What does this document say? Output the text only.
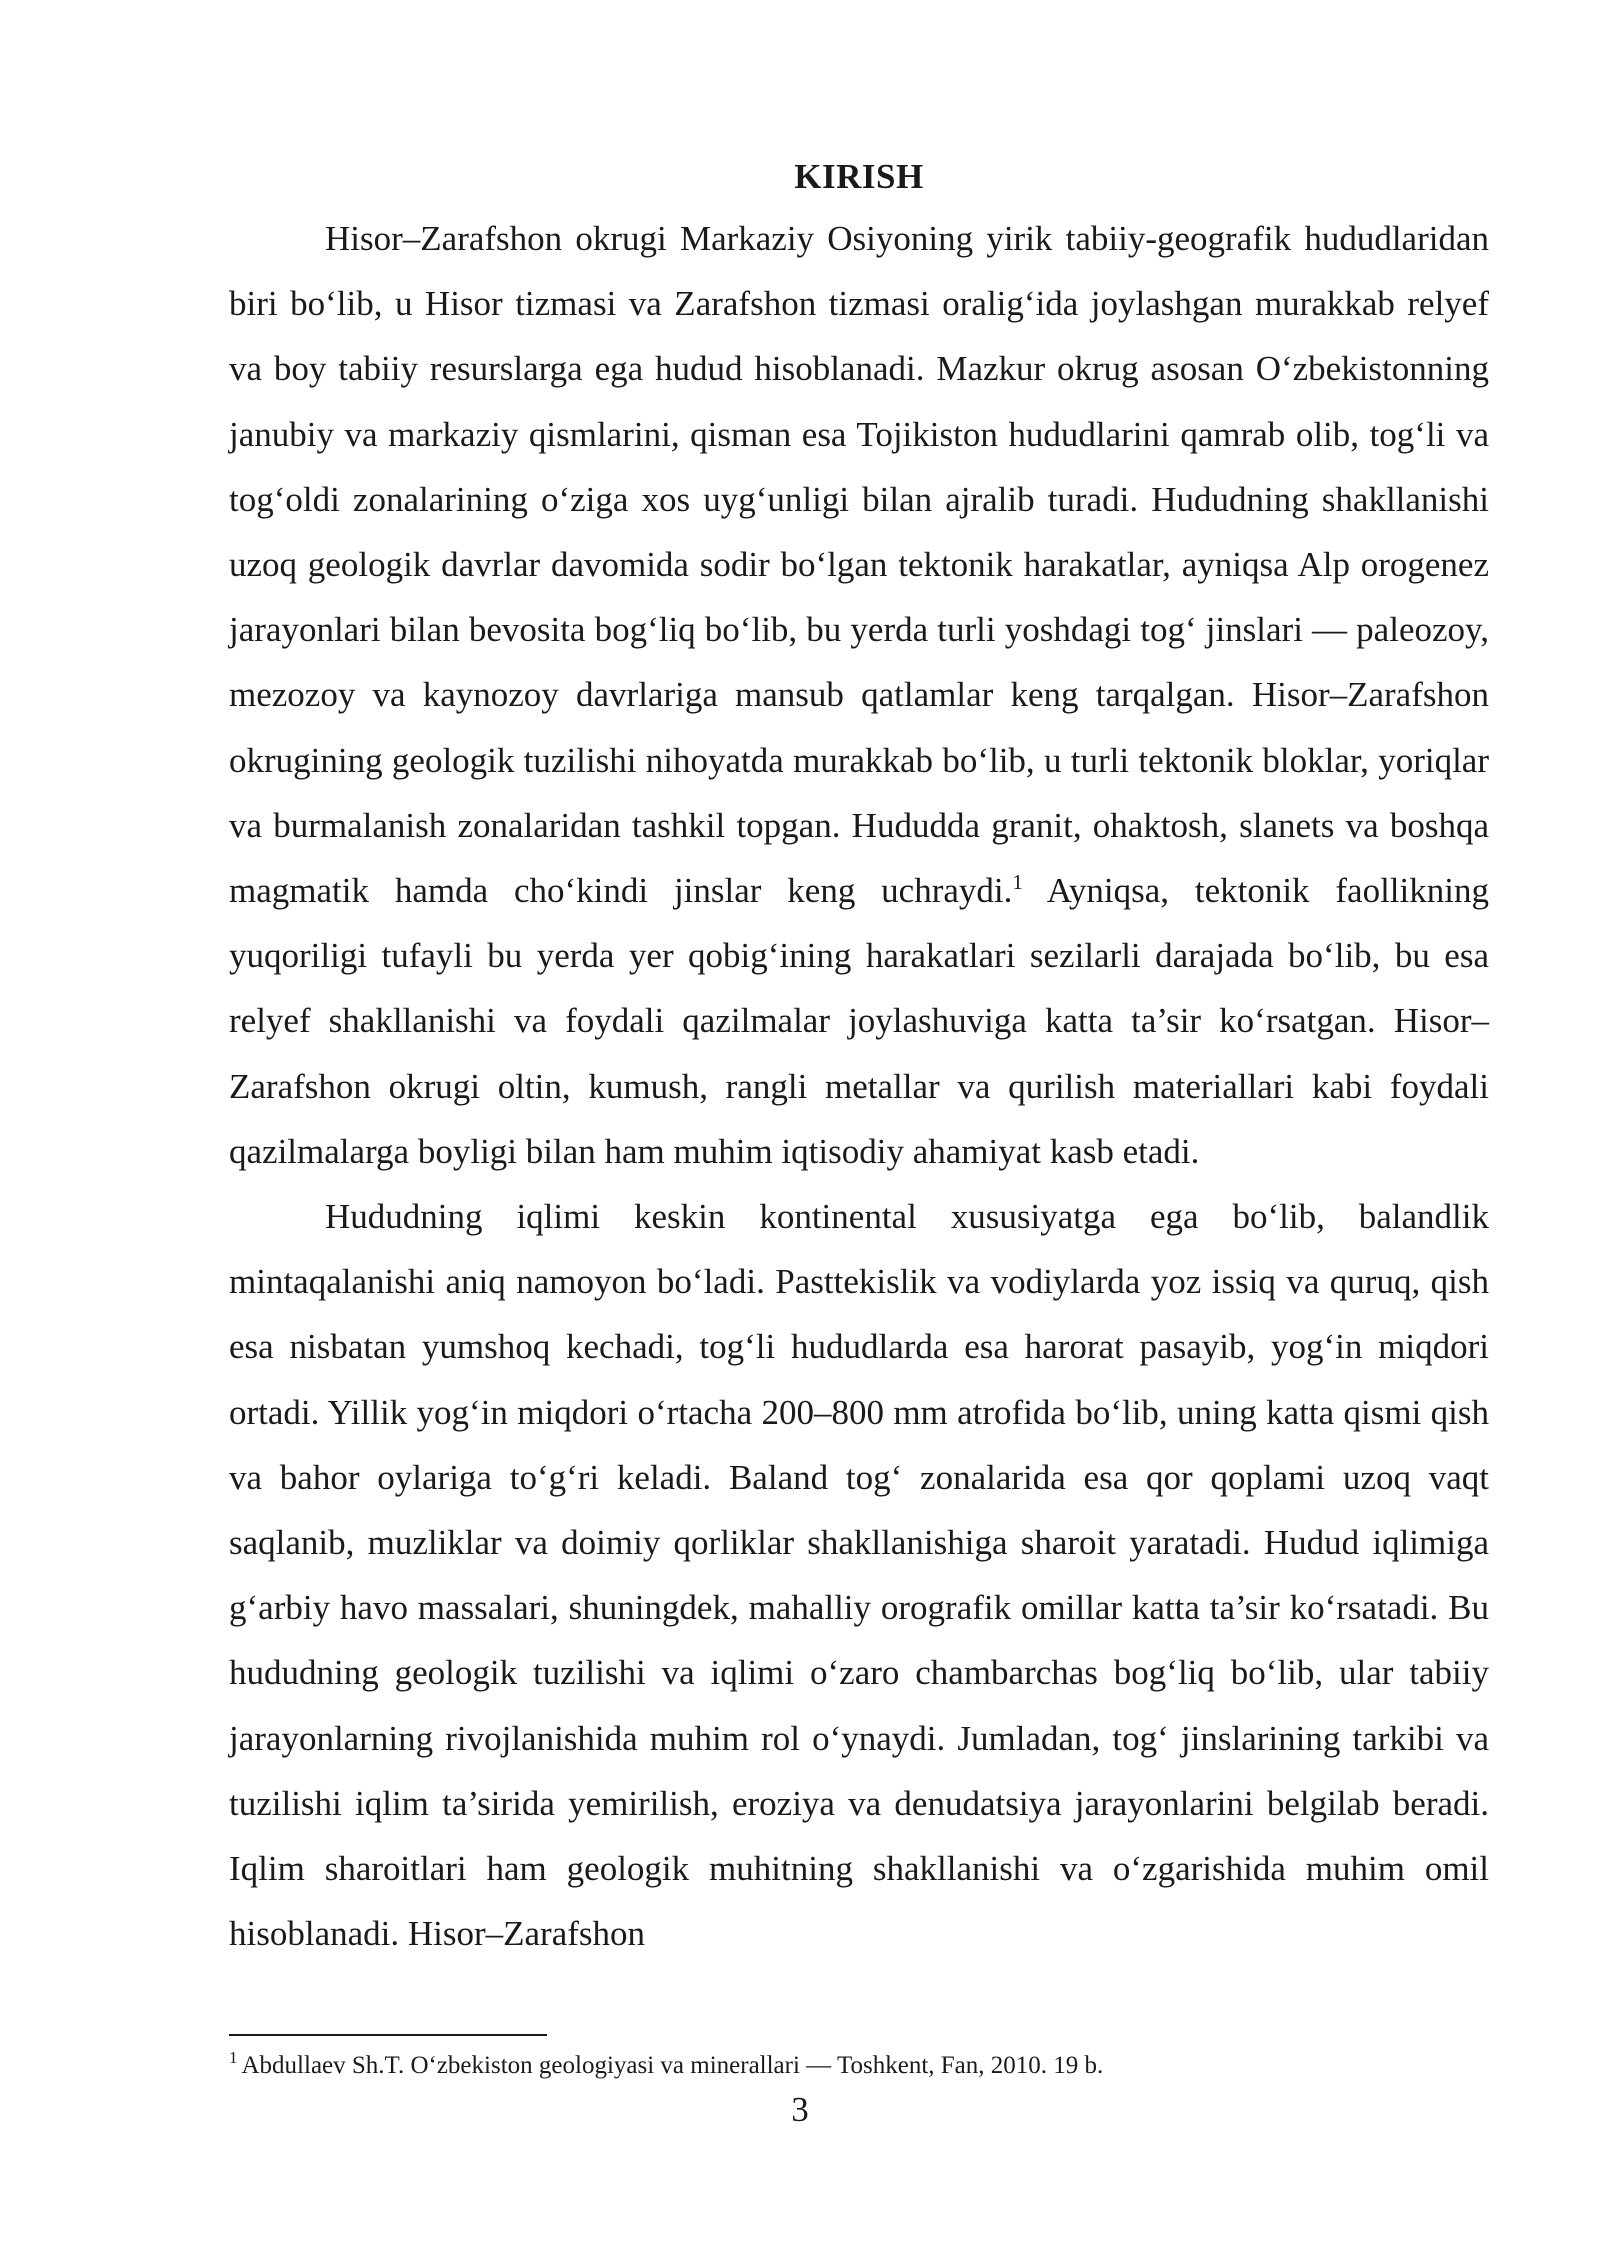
KIRISH

Hisor–Zarafshon okrugi Markaziy Osiyoning yirik tabiiy-geografik hududlaridan biri bo‘lib, u Hisor tizmasi va Zarafshon tizmasi oralig‘ida joylashgan murakkab relyef va boy tabiiy resurslarga ega hudud hisoblanadi. Mazkur okrug asosan O‘zbekistonning janubiy va markaziy qismlarini, qisman esa Tojikiston hududlarini qamrab olib, tog‘li va tog‘oldi zonalarining o‘ziga xos uyg‘unligi bilan ajralib turadi. Hududning shakllanishi uzoq geologik davrlar davomida sodir bo‘lgan tektonik harakatlar, ayniqsa Alp orogenez jarayonlari bilan bevosita bog‘liq bo‘lib, bu yerda turli yoshdagi tog‘ jinslari — paleozoy, mezozoy va kaynozoy davrlariga mansub qatlamlar keng tarqalgan. Hisor–Zarafshon okrugining geologik tuzilishi nihoyatda murakkab bo‘lib, u turli tektonik bloklar, yoriqlar va burmalanish zonalaridan tashkil topgan. Hududda granit, ohaktosh, slanets va boshqa magmatik hamda cho‘kindi jinslar keng uchraydi.$^1$ Ayniqsa, tektonik faollikning yuqoriligi tufayli bu yerda yer qobig‘ining harakatlari sezilarli darajada bo‘lib, bu esa relyef shakllanishi va foydali qazilmalar joylashuviga katta ta’sir ko‘rsatgan. Hisor–Zarafshon okrugi oltin, kumush, rangli metallar va qurilish materiallari kabi foydali qazilmalarga boyligi bilan ham muhim iqtisodiy ahamiyat kasb etadi.

Hududning iqlimi keskin kontinental xususiyatga ega bo‘lib, balandlik mintaqalanishi aniq namoyon bo‘ladi. Pasttekislik va vodiylarda yoz issiq va quruq, qish esa nisbatan yumshoq kechadi, tog‘li hududlarda esa harorat pasayib, yog‘in miqdori ortadi. Yillik yog‘in miqdori o‘rtacha 200–800 mm atrofida bo‘lib, uning katta qismi qish va bahor oylariga to‘g‘ri keladi. Baland tog‘ zonalarida esa qor qoplami uzoq vaqt saqlanib, muzliklar va doimiy qorliklar shakllanishiga sharoit yaratadi. Hudud iqlimiga g‘arbiy havo massalari, shuningdek, mahalliy orografik omillar katta ta’sir ko‘rsatadi. Bu hududning geologik tuzilishi va iqlimi o‘zaro chambarchas bog‘liq bo‘lib, ular tabiiy jarayonlarning rivojlanishida muhim rol o‘ynaydi. Jumladan, tog‘ jinslarining tarkibi va tuzilishi iqlim ta’sirida yemirilish, eroziya va denudatsiya jarayonlarini belgilab beradi. Iqlim sharoitlari ham geologik muhitning shakllanishi va o‘zgarishida muhim omil hisoblanadi. Hisor–Zarafshon

$^1$ Abdullaev Sh.T. O‘zbekiston geologiyasi va minerallari — Toshkent, Fan, 2010. 19 b.

3
